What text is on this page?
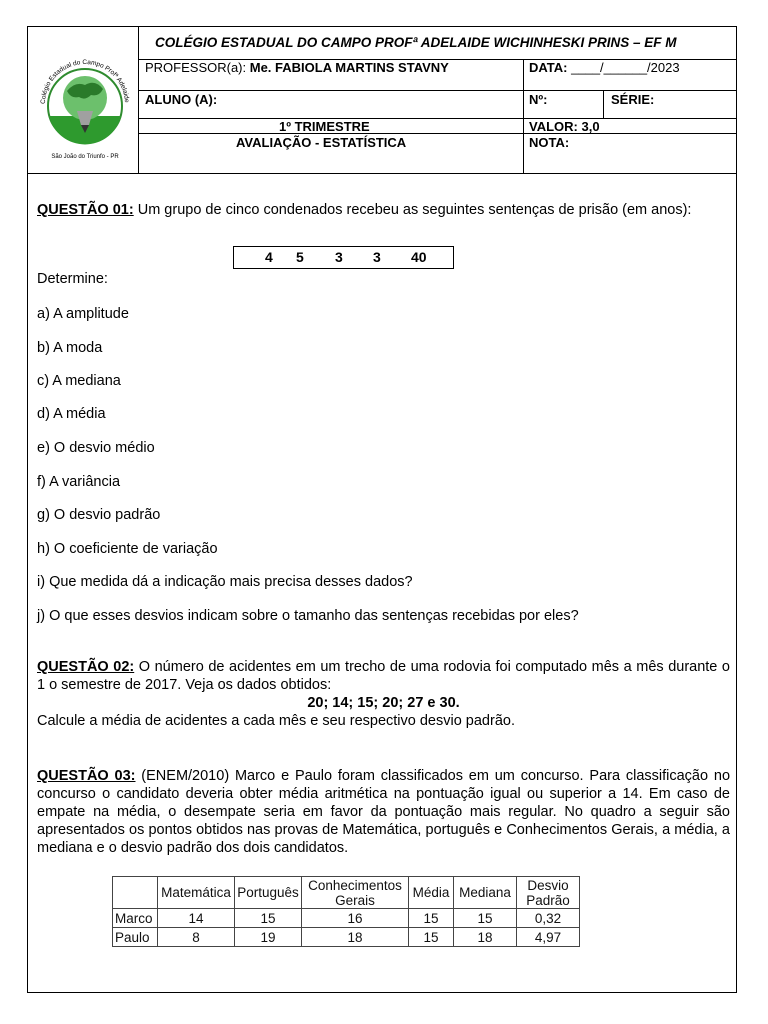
Colégio Estadual do Campo Profª Adelaide
São João do Triunfo - PR
COLÉGIO ESTADUAL DO CAMPO PROFª ADELAIDE WICHINHESKI PRINS – EF M
PROFESSOR(a): Me. FABIOLA MARTINS STAVNY	DATA: ____/______/2023
ALUNO (A):	Nº:	SÉRIE:
1º TRIMESTRE	VALOR: 3,0
AVALIAÇÃO - ESTATÍSTICA	NOTA:

QUESTÃO 01: Um grupo de cinco condenados recebeu as seguintes sentenças de prisão (em anos):

4 5 3 3 40
Determine:
a) A amplitude
b) A moda
c) A mediana
d) A média
e) O desvio médio
f) A variância
g) O desvio padrão
h) O coeficiente de variação
i) Que medida dá a indicação mais precisa desses dados?
j) O que esses desvios indicam sobre o tamanho das sentenças recebidas por eles?

QUESTÃO 02: O número de acidentes em um trecho de uma rodovia foi computado mês a mês durante o 1 o semestre de 2017. Veja os dados obtidos:

20; 14; 15; 20; 27 e 30.

Calcule a média de acidentes a cada mês e seu respectivo desvio padrão.

QUESTÃO 03: (ENEM/2010) Marco e Paulo foram classificados em um concurso. Para classificação no concurso o candidato deveria obter média aritmética na pontuação igual ou superior a 14. Em caso de empate na média, o desempate seria em favor da pontuação mais regular. No quadro a seguir são apresentados os pontos obtidos nas provas de Matemática, português e Conhecimentos Gerais, a média, a mediana e o desvio padrão dos dois candidatos.

	Matemática	Português	Conhecimentos Gerais	Média	Mediana	Desvio Padrão
Marco	14	15	16	15	15	0,32
Paulo	8	19	18	15	18	4,97
